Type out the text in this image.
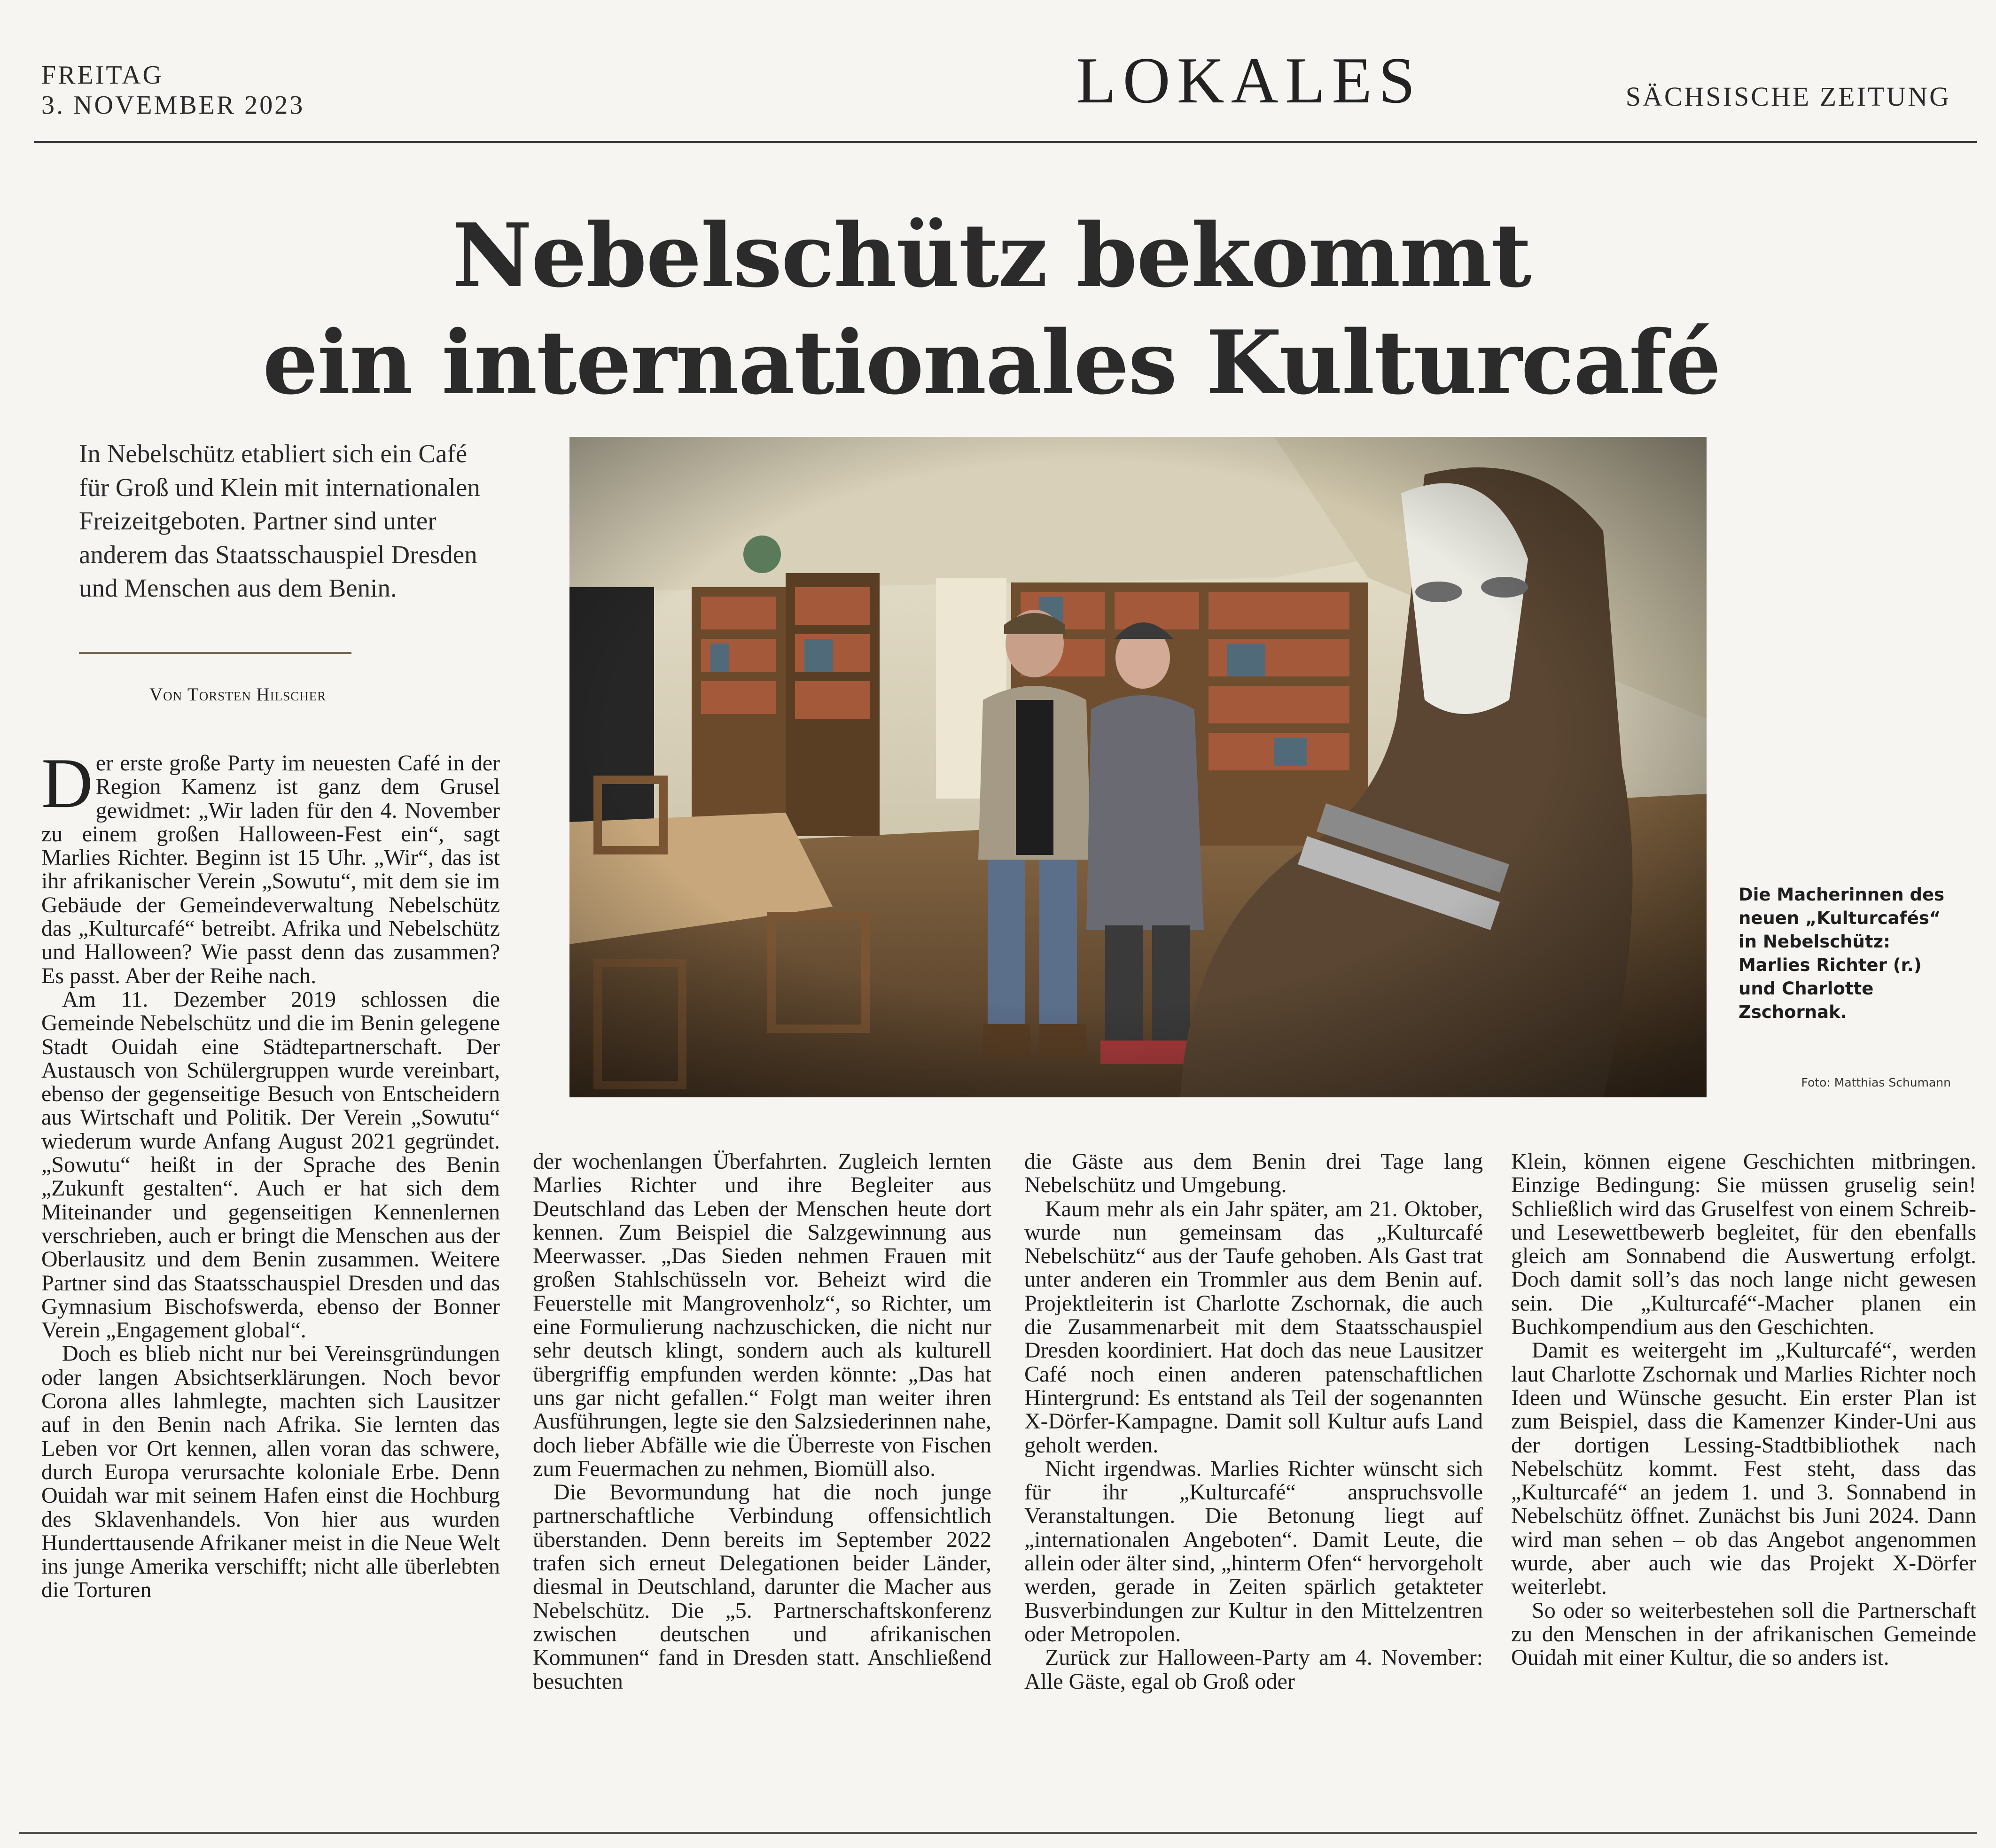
FREITAG
3. NOVEMBER 2023	LOKALES	SÄCHSISCHE ZEITUNG
Nebelschütz bekommt
ein internationales Kulturcafé
In Nebelschütz etabliert sich ein Café für Groß und Klein mit internationalen Freizeitgeboten. Partner sind unter anderem das Staatsschauspiel Dresden und Menschen aus dem Benin.
Von Torsten Hilscher
Die Macherinnen des neuen „Kulturcafés“ in Nebelschütz: Marlies Richter (r.) und Charlotte Zschornak.
Foto: Matthias Schumann

Der erste große Party im neuesten Café in der Region Kamenz ist ganz dem Grusel gewidmet: „Wir laden für den 4. November zu einem großen Halloween-Fest ein“, sagt Marlies Richter. Beginn ist 15 Uhr. „Wir“, das ist ihr afrikanischer Verein „Sowutu“, mit dem sie im Gebäude der Gemeindeverwaltung Nebelschütz das „Kulturcafé“ betreibt. Afrika und Nebelschütz und Halloween? Wie passt denn das zusammen? Es passt. Aber der Reihe nach.

Am 11. Dezember 2019 schlossen die Gemeinde Nebelschütz und die im Benin gelegene Stadt Ouidah eine Städtepartnerschaft. Der Austausch von Schülergruppen wurde vereinbart, ebenso der gegenseitige Besuch von Entscheidern aus Wirtschaft und Politik. Der Verein „Sowutu“ wiederum wurde Anfang August 2021 gegründet. „Sowutu“ heißt in der Sprache des Benin „Zukunft gestalten“. Auch er hat sich dem Miteinander und gegenseitigen Kennenlernen verschrieben, auch er bringt die Menschen aus der Oberlausitz und dem Benin zusammen. Weitere Partner sind das Staatsschauspiel Dresden und das Gymnasium Bischofswerda, ebenso der Bonner Verein „Engagement global“.

Doch es blieb nicht nur bei Vereinsgründungen oder langen Absichtserklärungen. Noch bevor Corona alles lahmlegte, machten sich Lausitzer auf in den Benin nach Afrika. Sie lernten das Leben vor Ort kennen, allen voran das schwere, durch Europa verursachte koloniale Erbe. Denn Ouidah war mit seinem Hafen einst die Hochburg des Sklavenhandels. Von hier aus wurden Hunderttausende Afrikaner meist in die Neue Welt ins junge Amerika verschifft; nicht alle überlebten die Torturen

der wochenlangen Überfahrten. Zugleich lernten Marlies Richter und ihre Begleiter aus Deutschland das Leben der Menschen heute dort kennen. Zum Beispiel die Salzgewinnung aus Meerwasser. „Das Sieden nehmen Frauen mit großen Stahlschüsseln vor. Beheizt wird die Feuerstelle mit Mangrovenholz“, so Richter, um eine Formulierung nachzuschicken, die nicht nur sehr deutsch klingt, sondern auch als kulturell übergriffig empfunden werden könnte: „Das hat uns gar nicht gefallen.“ Folgt man weiter ihren Ausführungen, legte sie den Salzsiederinnen nahe, doch lieber Abfälle wie die Überreste von Fischen zum Feuermachen zu nehmen, Biomüll also.

Die Bevormundung hat die noch junge partnerschaftliche Verbindung offensichtlich überstanden. Denn bereits im September 2022 trafen sich erneut Delegationen beider Länder, diesmal in Deutschland, darunter die Macher aus Nebelschütz. Die „5. Partnerschaftskonferenz zwischen deutschen und afrikanischen Kommunen“ fand in Dresden statt. Anschließend besuchten

die Gäste aus dem Benin drei Tage lang Nebelschütz und Umgebung.

Kaum mehr als ein Jahr später, am 21. Oktober, wurde nun gemeinsam das „Kulturcafé Nebelschütz“ aus der Taufe gehoben. Als Gast trat unter anderen ein Trommler aus dem Benin auf. Projektleiterin ist Charlotte Zschornak, die auch die Zusammenarbeit mit dem Staatsschauspiel Dresden koordiniert. Hat doch das neue Lausitzer Café noch einen anderen patenschaftlichen Hintergrund: Es entstand als Teil der sogenannten X-Dörfer-Kampagne. Damit soll Kultur aufs Land geholt werden.

Nicht irgendwas. Marlies Richter wünscht sich für ihr „Kulturcafé“ anspruchsvolle Veranstaltungen. Die Betonung liegt auf „internationalen Angeboten“. Damit Leute, die allein oder älter sind, „hinterm Ofen“ hervorgeholt werden, gerade in Zeiten spärlich getakteter Busverbindungen zur Kultur in den Mittelzentren oder Metropolen.

Zurück zur Halloween-Party am 4. November: Alle Gäste, egal ob Groß oder

Klein, können eigene Geschichten mitbringen. Einzige Bedingung: Sie müssen gruselig sein! Schließlich wird das Gruselfest von einem Schreib- und Lesewettbewerb begleitet, für den ebenfalls gleich am Sonnabend die Auswertung erfolgt. Doch damit soll’s das noch lange nicht gewesen sein. Die „Kulturcafé“-Macher planen ein Buchkompendium aus den Geschichten.

Damit es weitergeht im „Kulturcafé“, werden laut Charlotte Zschornak und Marlies Richter noch Ideen und Wünsche gesucht. Ein erster Plan ist zum Beispiel, dass die Kamenzer Kinder-Uni aus der dortigen Lessing-Stadtbibliothek nach Nebelschütz kommt. Fest steht, dass das „Kulturcafé“ an jedem 1. und 3. Sonnabend in Nebelschütz öffnet. Zunächst bis Juni 2024. Dann wird man sehen – ob das Angebot angenommen wurde, aber auch wie das Projekt X-Dörfer weiterlebt.

So oder so weiterbestehen soll die Partnerschaft zu den Menschen in der afrikanischen Gemeinde Ouidah mit einer Kultur, die so anders ist.
